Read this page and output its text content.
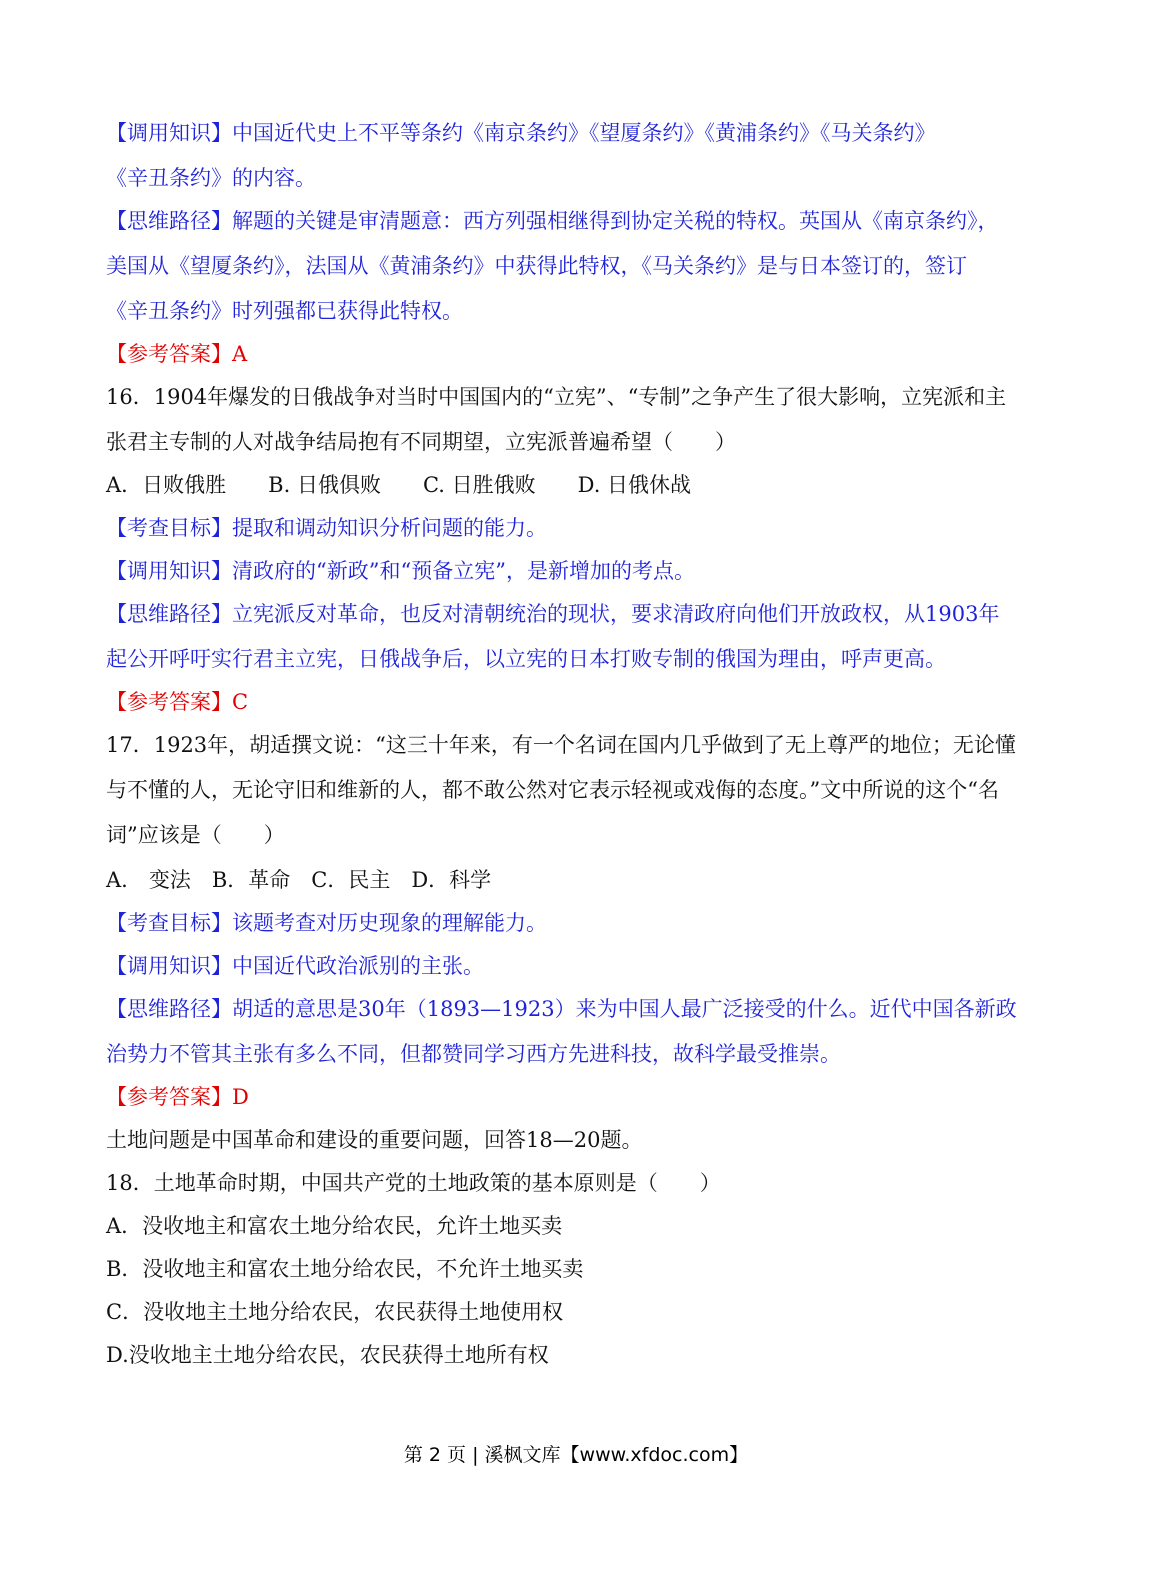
【调用知识】中国近代史上不平等条约《南京条约》《望厦条约》《黄浦条约》《马关条约》

《辛丑条约》的内容。

【思维路径】解题的关键是审清题意：西方列强相继得到协定关税的特权。英国从《南京条约》，

美国从《望厦条约》，法国从《黄浦条约》中获得此特权，《马关条约》是与日本签订的，签订

《辛丑条约》时列强都已获得此特权。

【参考答案】A

16．1904年爆发的日俄战争对当时中国国内的“立宪”、“专制”之争产生了很大影响，立宪派和主

张君主专制的人对战争结局抱有不同期望，立宪派普遍希望（　　）

A．日败俄胜　　B. 日俄俱败　　C. 日胜俄败　　D. 日俄休战

【考查目标】提取和调动知识分析问题的能力。

【调用知识】清政府的“新政”和“预备立宪”，是新增加的考点。

【思维路径】立宪派反对革命，也反对清朝统治的现状，要求清政府向他们开放政权，从1903年

起公开呼吁实行君主立宪，日俄战争后，以立宪的日本打败专制的俄国为理由，呼声更高。

【参考答案】C

17．1923年，胡适撰文说：“这三十年来，有一个名词在国内几乎做到了无上尊严的地位；无论懂

与不懂的人，无论守旧和维新的人，都不敢公然对它表示轻视或戏侮的态度。”文中所说的这个“名

词”应该是（　　）

A.　变法　B．革命　C．民主　D．科学

【考查目标】该题考查对历史现象的理解能力。

【调用知识】中国近代政治派别的主张。

【思维路径】胡适的意思是30年（1893—1923）来为中国人最广泛接受的什么。近代中国各新政

治势力不管其主张有多么不同，但都赞同学习西方先进科技，故科学最受推崇。

【参考答案】D

土地问题是中国革命和建设的重要问题，回答18—20题。

18．土地革命时期，中国共产党的土地政策的基本原则是（　　）

A．没收地主和富农土地分给农民，允许土地买卖

B．没收地主和富农土地分给农民，不允许土地买卖

C．没收地主土地分给农民，农民获得土地使用权

D.没收地主土地分给农民，农民获得土地所有权

第 2 页 | 溪枫文库【www.xfdoc.com】
